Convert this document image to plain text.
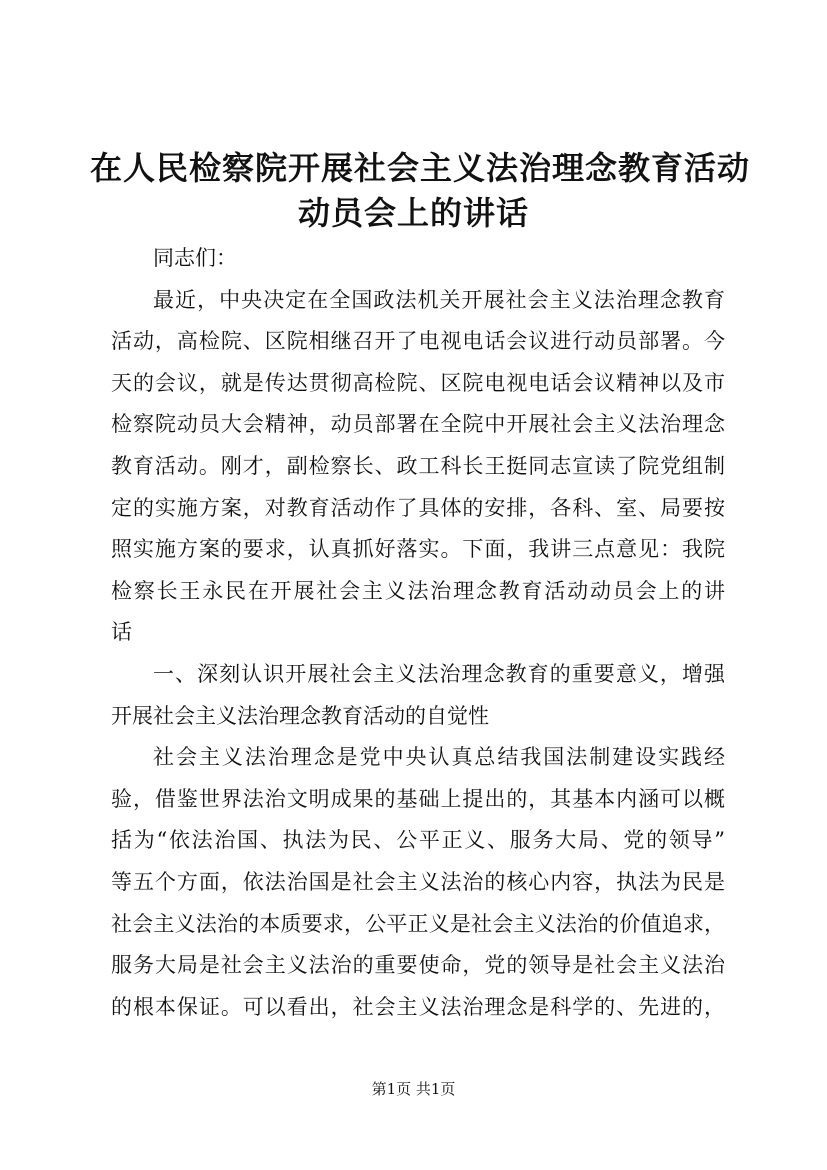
在人民检察院开展社会主义法治理念教育活动
动员会上的讲话
同志们：
最近，中央决定在全国政法机关开展社会主义法治理念教育
活动，高检院、区院相继召开了电视电话会议进行动员部署。今
天的会议，就是传达贯彻高检院、区院电视电话会议精神以及市
检察院动员大会精神，动员部署在全院中开展社会主义法治理念
教育活动。刚才，副检察长、政工科长王挺同志宣读了院党组制
定的实施方案，对教育活动作了具体的安排，各科、室、局要按
照实施方案的要求，认真抓好落实。下面，我讲三点意见：我院
检察长王永民在开展社会主义法治理念教育活动动员会上的讲
话
一、深刻认识开展社会主义法治理念教育的重要意义，增强
开展社会主义法治理念教育活动的自觉性
社会主义法治理念是党中央认真总结我国法制建设实践经
验，借鉴世界法治文明成果的基础上提出的，其基本内涵可以概
括为“依法治国、执法为民、公平正义、服务大局、党的领导”
等五个方面，依法治国是社会主义法治的核心内容，执法为民是
社会主义法治的本质要求，公平正义是社会主义法治的价值追求，
服务大局是社会主义法治的重要使命，党的领导是社会主义法治
的根本保证。可以看出，社会主义法治理念是科学的、先进的，
第1页 共1页
